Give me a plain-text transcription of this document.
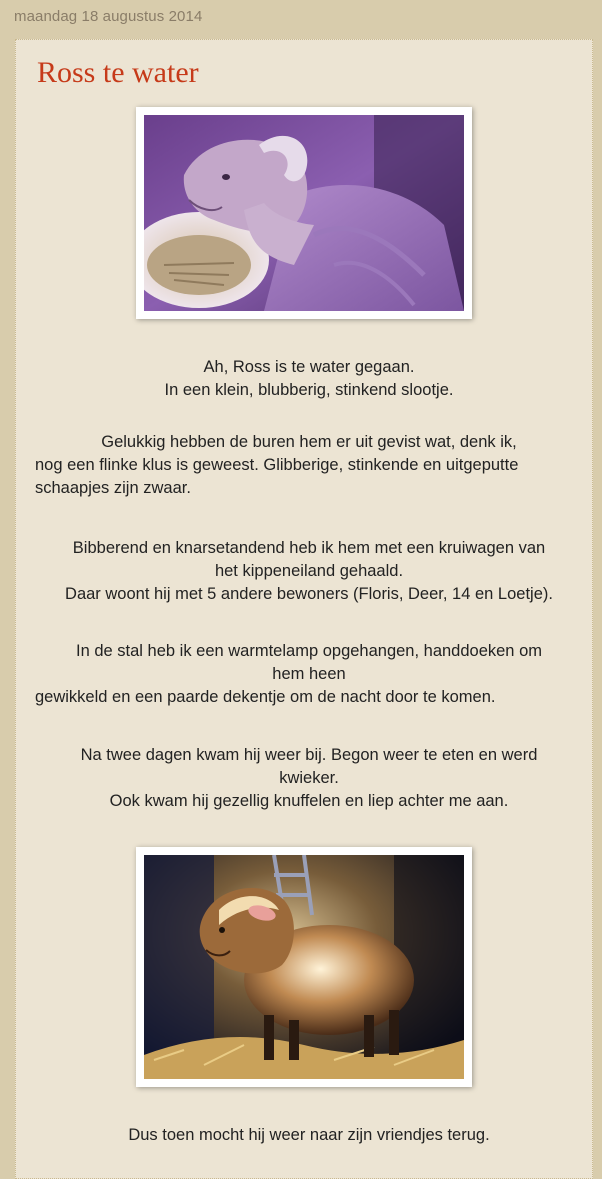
maandag 18 augustus 2014
Ross te water

Ah, Ross is te water gegaan.
In een klein, blubberig, stinkend slootje.

Gelukkig hebben de buren hem er uit gevist wat, denk ik,
nog een flinke klus is geweest. Glibberige, stinkende en uitgeputte
schaapjes zijn zwaar.

Bibberend en knarsetandend heb ik hem met een kruiwagen van
het kippeneiland gehaald.
Daar woont hij met 5 andere bewoners (Floris, Deer, 14 en Loetje).

In de stal heb ik een warmtelamp opgehangen, handdoeken om
hem heen
gewikkeld en een paarde dekentje om de nacht door te komen.

Na twee dagen kwam hij weer bij. Begon weer te eten en werd
kwieker.
Ook kwam hij gezellig knuffelen en liep achter me aan.

Dus toen mocht hij weer naar zijn vriendjes terug.
